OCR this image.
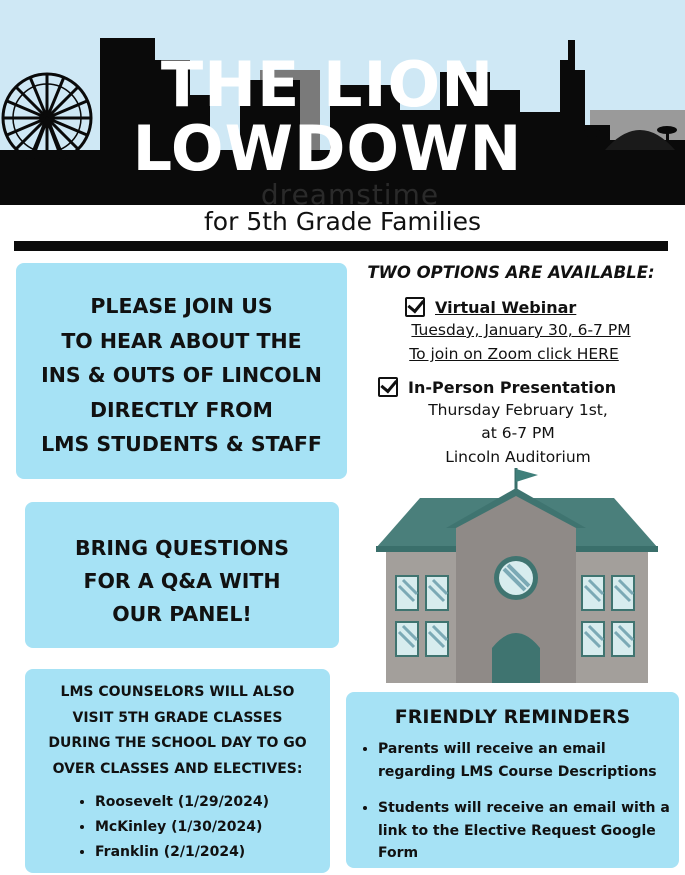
THE LION
LOWDOWN
dreamstime
for 5th Grade Families
PLEASE JOIN US
TO HEAR ABOUT THE
INS & OUTS OF LINCOLN
DIRECTLY FROM
LMS STUDENTS & STAFF
BRING QUESTIONS
FOR A Q&A WITH
OUR PANEL!
LMS COUNSELORS WILL ALSO
VISIT 5TH GRADE CLASSES
DURING THE SCHOOL DAY TO GO
OVER CLASSES AND ELECTIVES:
• Roosevelt (1/29/2024)
• McKinley (1/30/2024)
• Franklin (2/1/2024)
TWO OPTIONS ARE AVAILABLE:
Virtual Webinar
Tuesday, January 30, 6-7 PM
To join on Zoom click HERE
In-Person Presentation
Thursday February 1st,
at 6-7 PM
Lincoln Auditorium
FRIENDLY REMINDERS
• Parents will receive an email regarding LMS Course Descriptions
• Students will receive an email with a link to the Elective Request Google Form
